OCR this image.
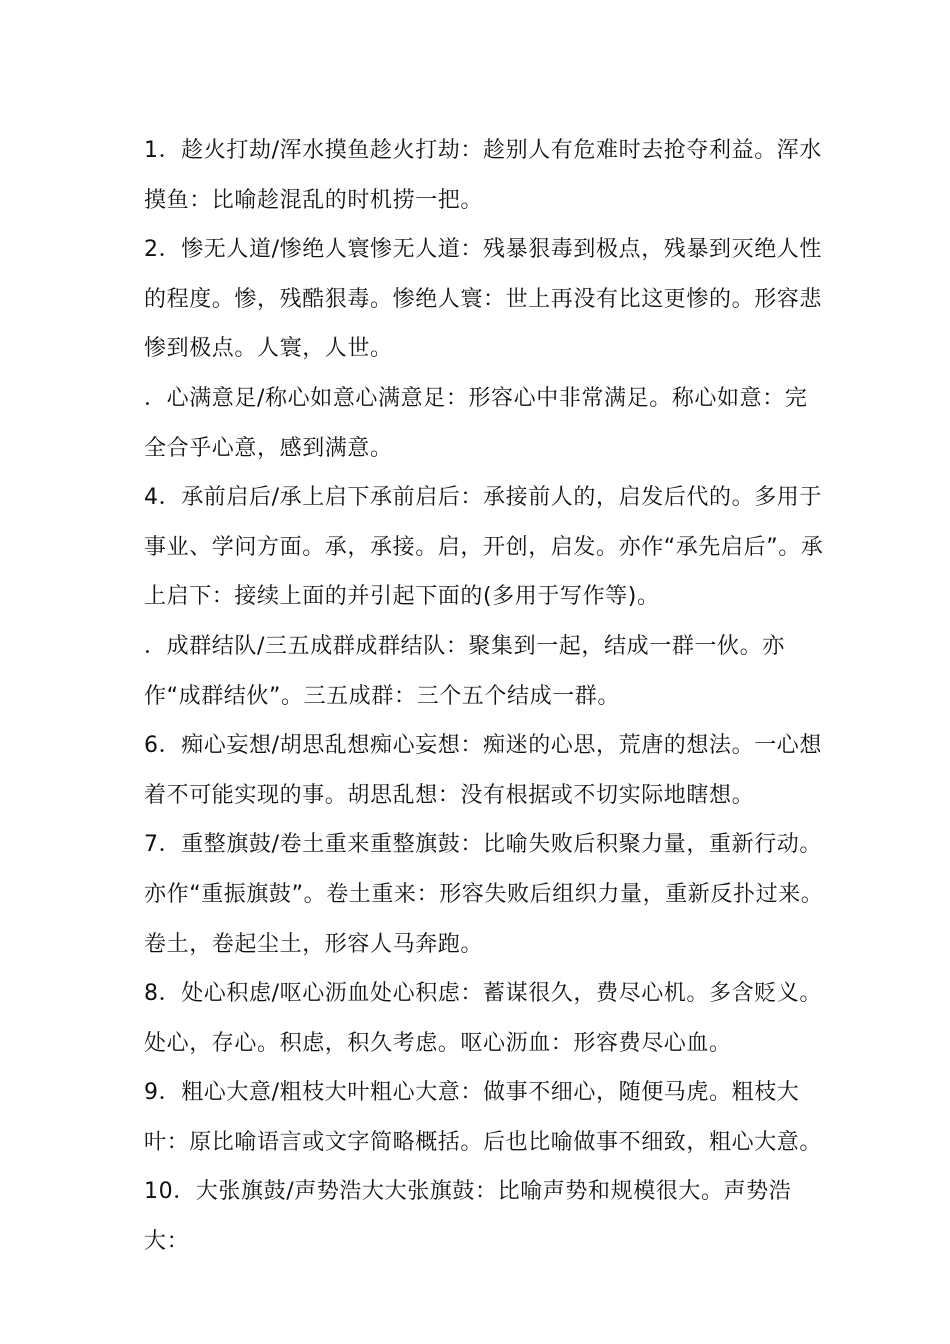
1．趁火打劫/浑水摸鱼趁火打劫：趁别人有危难时去抢夺利益。浑水摸鱼：比喻趁混乱的时机捞一把。

2．惨无人道/惨绝人寰惨无人道：残暴狠毒到极点，残暴到灭绝人性的程度。惨，残酷狠毒。惨绝人寰：世上再没有比这更惨的。形容悲惨到极点。人寰，人世。

．心满意足/称心如意心满意足：形容心中非常满足。称心如意：完全合乎心意，感到满意。

4．承前启后/承上启下承前启后：承接前人的，启发后代的。多用于事业、学问方面。承，承接。启，开创，启发。亦作“承先启后”。承上启下：接续上面的并引起下面的(多用于写作等)。

．成群结队/三五成群成群结队：聚集到一起，结成一群一伙。亦作“成群结伙”。三五成群：三个五个结成一群。

6．痴心妄想/胡思乱想痴心妄想：痴迷的心思，荒唐的想法。一心想着不可能实现的事。胡思乱想：没有根据或不切实际地瞎想。

7．重整旗鼓/卷土重来重整旗鼓：比喻失败后积聚力量，重新行动。亦作“重振旗鼓”。卷土重来：形容失败后组织力量，重新反扑过来。卷土，卷起尘土，形容人马奔跑。

8．处心积虑/呕心沥血处心积虑：蓄谋很久，费尽心机。多含贬义。处心，存心。积虑，积久考虑。呕心沥血：形容费尽心血。

9．粗心大意/粗枝大叶粗心大意：做事不细心，随便马虎。粗枝大叶：原比喻语言或文字简略概括。后也比喻做事不细致，粗心大意。

10．大张旗鼓/声势浩大大张旗鼓：比喻声势和规模很大。声势浩大：
